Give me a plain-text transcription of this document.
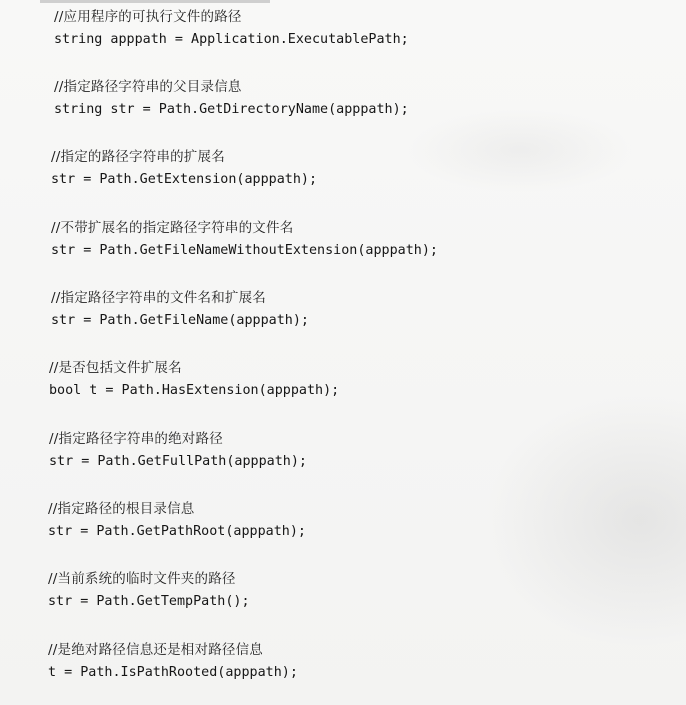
//应用程序的可执行文件的路径
string apppath = Application.ExecutablePath;
//指定路径字符串的父目录信息
string str = Path.GetDirectoryName(apppath);
//指定的路径字符串的扩展名
str = Path.GetExtension(apppath);
//不带扩展名的指定路径字符串的文件名
str = Path.GetFileNameWithoutExtension(apppath);
//指定路径字符串的文件名和扩展名
str = Path.GetFileName(apppath);
//是否包括文件扩展名
bool t = Path.HasExtension(apppath);
//指定路径字符串的绝对路径
str = Path.GetFullPath(apppath);
//指定路径的根目录信息
str = Path.GetPathRoot(apppath);
//当前系统的临时文件夹的路径
str = Path.GetTempPath();
//是绝对路径信息还是相对路径信息
t = Path.IsPathRooted(apppath);
